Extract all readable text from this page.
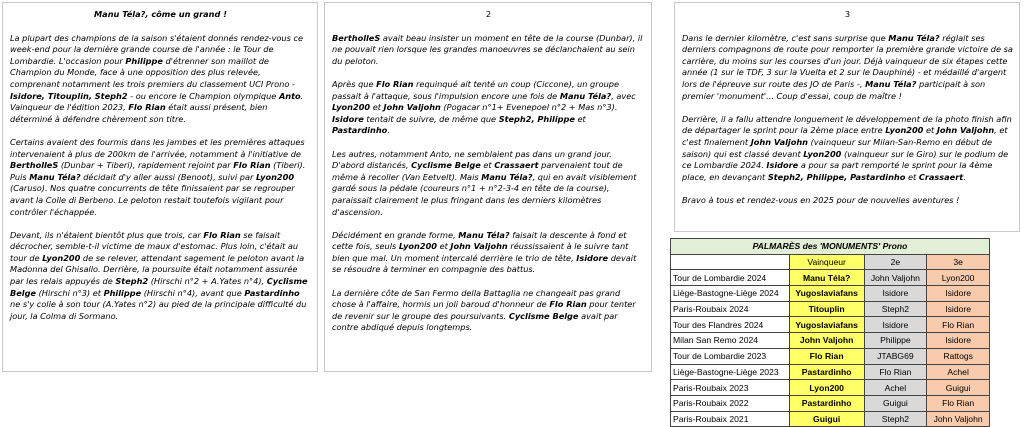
Manu Téla?, côme un grand !

La plupart des champions de la saison s'étaient donnés rendez-vous ce week-end pour la dernière grande course de l'année : le Tour de Lombardie. L'occasion pour Philippe d'étrenner son maillot de Champion du Monde, face à une opposition des plus relevée, comprenant notamment les trois premiers du classement UCI Prono - Isidore, Titouplin, Steph2 - ou encore le Champion olympique Anto. Vainqueur de l'édition 2023, Flo Rian était aussi présent, bien déterminé à défendre chèrement son titre.

Certains avaient des fourmis dans les jambes et les premières attaques intervenaient à plus de 200km de l'arrivée, notamment à l'initiative de BertholleS (Dunbar + Tiberi), rapidement rejoint par Flo Rian (Tiberi). Puis Manu Téla? décidait d'y aller aussi (Benoot), suivi par Lyon200 (Caruso). Nos quatre concurrents de tête finissaient par se regrouper avant la Colle di Berbeno. Le peloton restait toutefois vigilant pour contrôler l'échappée.

Devant, ils n'étaient bientôt plus que trois, car Flo Rian se faisait décrocher, semble-t-il victime de maux d'estomac. Plus loin, c'était au tour de Lyon200 de se relever, attendant sagement le peloton avant la Madonna del Ghisallo. Derrière, la poursuite était notamment assurée par les relais appuyés de Steph2 (Hirschi n°2 + A.Yates n°4), Cyclisme Belge (Hirschi n°3) et Philippe (Hirschi n°4), avant que Pastardinho ne s'y colle à son tour (A.Yates n°2) au pied de la principale difficulté du jour, la Colma di Sormano.

2

BertholleS avait beau insister un moment en tête de la course (Dunbar), il ne pouvait rien lorsque les grandes manoeuvres se déclanchaient au sein du peloton.

Après que Flo Rian requinqué ait tenté un coup (Ciccone), un groupe passait à l'attaque, sous l'impulsion encore une fois de Manu Téla?, avec Lyon200 et John Valjohn (Pogacar n°1+ Evenepoel n°2 + Mas n°3). Isidore tentait de suivre, de même que Steph2, Philippe et Pastardinho.

Les autres, notamment Anto, ne semblaient pas dans un grand jour. D'abord distancés, Cyclisme Belge et Crassaert parvenaient tout de même à recoller (Van Eetvelt). Mais Manu Téla?, qui en avait visiblement gardé sous la pédale (coureurs n°1 + n°2-3-4 en tête de la course), paraissait clairement le plus fringant dans les derniers kilomètres d'ascension.

Décidément en grande forme, Manu Téla? faisait la descente à fond et cette fois, seuls Lyon200 et John Valjohn réussissaient à le suivre tant bien que mal. Un moment intercalé derrière le trio de tête, Isidore devait se résoudre à terminer en compagnie des battus.

La dernière côte de San Fermo della Battaglia ne changeait pas grand chose à l'affaire, hormis un joli baroud d'honneur de Flo Rian pour tenter de revenir sur le groupe des poursuivants. Cyclisme Belge avait par contre abdiqué depuis longtemps.

3

Dans le dernier kilomètre, c'est sans surprise que Manu Téla? réglait ses derniers compagnons de route pour remporter la première grande victoire de sa carrière, du moins sur les courses d'un jour. Déjà vainqueur de six étapes cette année (1 sur le TDF, 3 sur la Vuelta et 2 sur le Dauphiné) - et médaillé d'argent lors de l'épreuve sur route des JO de Paris -, Manu Téla? participait à son premier 'monument'... Coup d'essai, coup de maître !

Derrière, il a fallu attendre longuement le développement de la photo finish afin de départager le sprint pour la 2ème place entre Lyon200 et John Valjohn, et c'est finalement John Valjohn (vainqueur sur Milan-San-Remo en début de saison) qui est classé devant Lyon200 (vainqueur sur le Giro) sur le podium de ce Lombardie 2024. Isidore a pour sa part remporté le sprint pour la 4ème place, en devançant Steph2, Philippe, Pastardinho et Crassaert.

Bravo à tous et rendez-vous en 2025 pour de nouvelles aventures !

PALMARÈS des 'MONUMENTS' Prono			
	Vainqueur	2e	3e
Tour de Lombardie 2024	Manu Téla?	John Valjohn	Lyon200
Liège-Bastogne-Liège 2024	Yugoslaviafans	Isidore	Isidore
Paris-Roubaix 2024	Titouplin	Steph2	Isidore
Tour des Flandres 2024	Yugoslaviafans	Isidore	Flo Rian
Milan San Remo 2024	John Valjohn	Philippe	Isidore
Tour de Lombardie 2023	Flo Rian	JTABG69	Rattogs
Liège-Bastogne-Liège 2023	Pastardinho	Flo Rian	Achel
Paris-Roubaix 2023	Lyon200	Achel	Guigui
Paris-Roubaix 2022	Pastardinho	Guigui	Flo Rian
Paris-Roubaix 2021	Guigui	Steph2	John Valjohn
